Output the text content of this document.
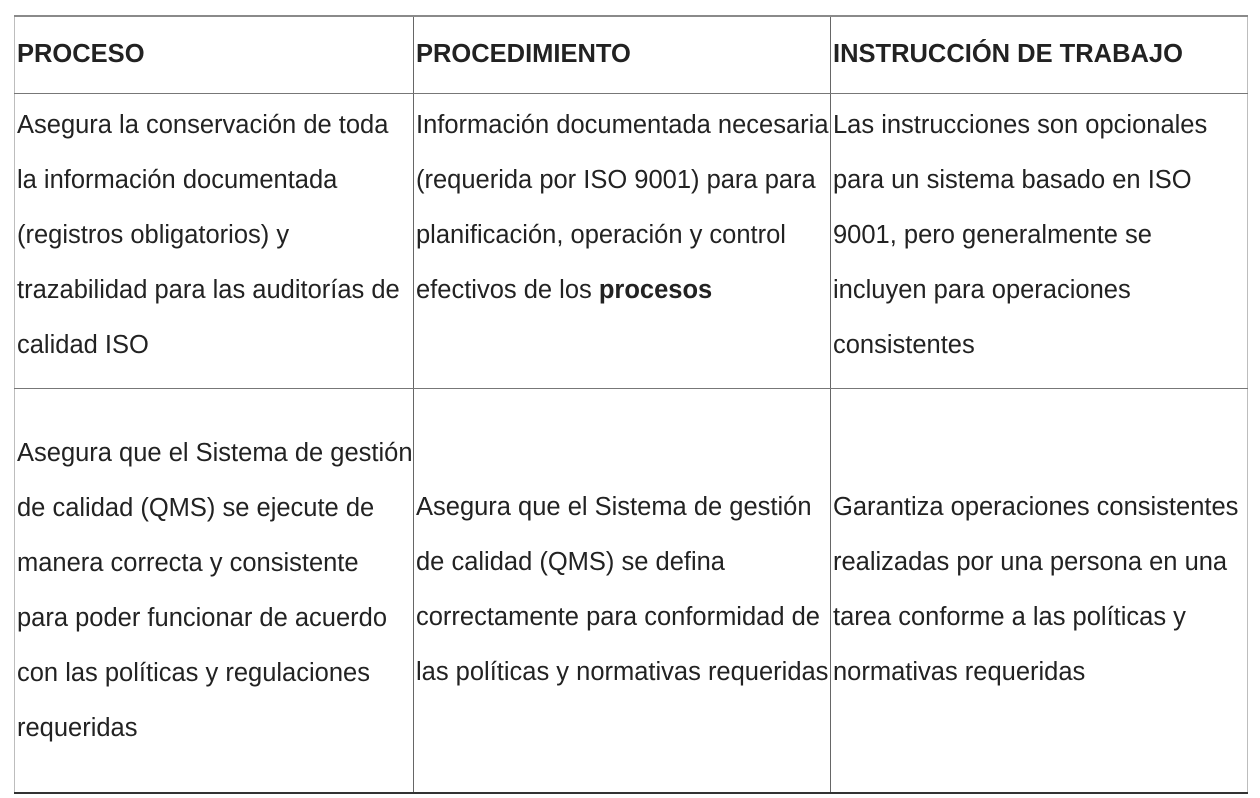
PROCESO	PROCEDIMIENTO	INSTRUCCIÓN DE TRABAJO
Asegura la conservación de toda la información documentada (registros obligatorios) y trazabilidad para las auditorías de calidad ISO	Información documentada necesaria (requerida por ISO 9001) para para planificación, operación y control efectivos de los procesos	Las instrucciones son opcionales para un sistema basado en ISO 9001, pero generalmente se incluyen para operaciones consistentes
Asegura que el Sistema de gestión de calidad (QMS) se ejecute de manera correcta y consistente para poder funcionar de acuerdo con las políticas y regulaciones requeridas	Asegura que el Sistema de gestión de calidad (QMS) se defina correctamente para conformidad de las políticas y normativas requeridas	Garantiza operaciones consistentes realizadas por una persona en una tarea conforme a las políticas y normativas requeridas
